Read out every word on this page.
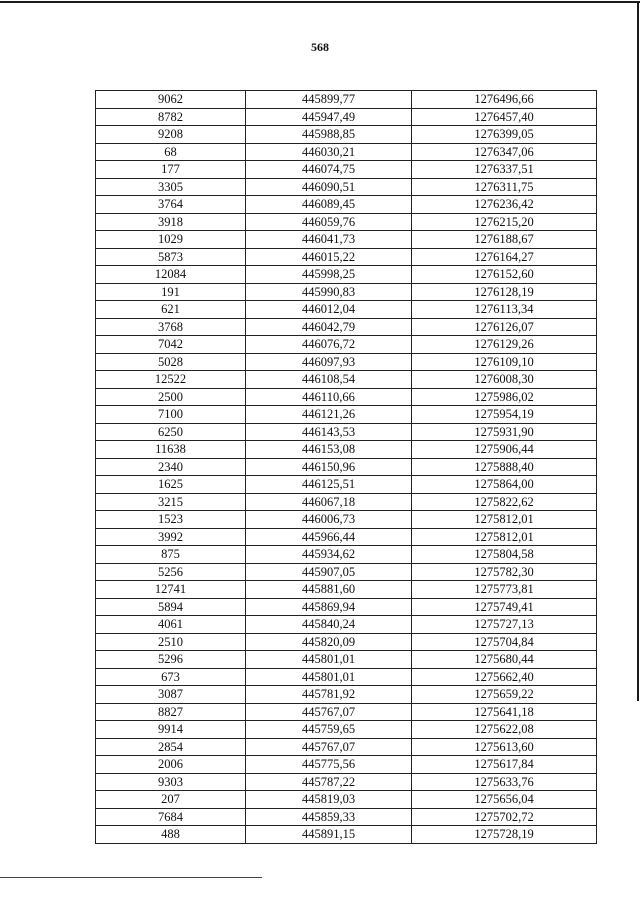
568
9062	445899,77	1276496,66
8782	445947,49	1276457,40
9208	445988,85	1276399,05
68	446030,21	1276347,06
177	446074,75	1276337,51
3305	446090,51	1276311,75
3764	446089,45	1276236,42
3918	446059,76	1276215,20
1029	446041,73	1276188,67
5873	446015,22	1276164,27
12084	445998,25	1276152,60
191	445990,83	1276128,19
621	446012,04	1276113,34
3768	446042,79	1276126,07
7042	446076,72	1276129,26
5028	446097,93	1276109,10
12522	446108,54	1276008,30
2500	446110,66	1275986,02
7100	446121,26	1275954,19
6250	446143,53	1275931,90
11638	446153,08	1275906,44
2340	446150,96	1275888,40
1625	446125,51	1275864,00
3215	446067,18	1275822,62
1523	446006,73	1275812,01
3992	445966,44	1275812,01
875	445934,62	1275804,58
5256	445907,05	1275782,30
12741	445881,60	1275773,81
5894	445869,94	1275749,41
4061	445840,24	1275727,13
2510	445820,09	1275704,84
5296	445801,01	1275680,44
673	445801,01	1275662,40
3087	445781,92	1275659,22
8827	445767,07	1275641,18
9914	445759,65	1275622,08
2854	445767,07	1275613,60
2006	445775,56	1275617,84
9303	445787,22	1275633,76
207	445819,03	1275656,04
7684	445859,33	1275702,72
488	445891,15	1275728,19
